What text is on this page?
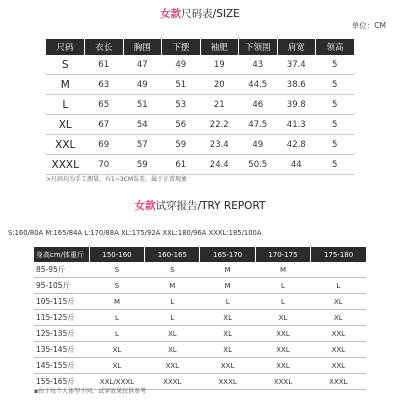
女款尺码表/SIZE
单位：CM
尺码	衣长	胸围	下摆	袖肥	下领围	肩宽	领高
S	61	47	49	19	43	37.4	5
M	63	49	51	20	44.5	38.6	5
L	65	51	53	21	46	39.8	5
XL	67	54	56	22.2	47.5	41.3	5
XXL	69	57	59	23.4	49	42.8	5
XXXL	70	59	61	24.4	50.5	44	5
>尺码均为手工测量，有1~3CM误差，属于正常现象
女款试穿报告/TRY REPORT
S:160/80A M:165/84A L:170/88A XL:175/92A XXL:180/96A XXXL:185/100A
身高cm/体重斤	150-160	160-165	165-170	170-175	175-180
85-95斤	S	S	M	M	
95-105斤	S	M	M	L	L
105-115斤	M	L	L	L	XL
115-125斤	L	L	XL	XL	XL
125-135斤	L	XL	XL	XXL	XXL
135-145斤	XL	XL	XL	XXL	XXL
145-155斤	XL	XXL	XXL	XXL	XXL
155-165斤	XXL/XXXL	XXXL	XXXL	XXXL	XXXL
▪由于每个人体型不同，试穿效果仅供参考
